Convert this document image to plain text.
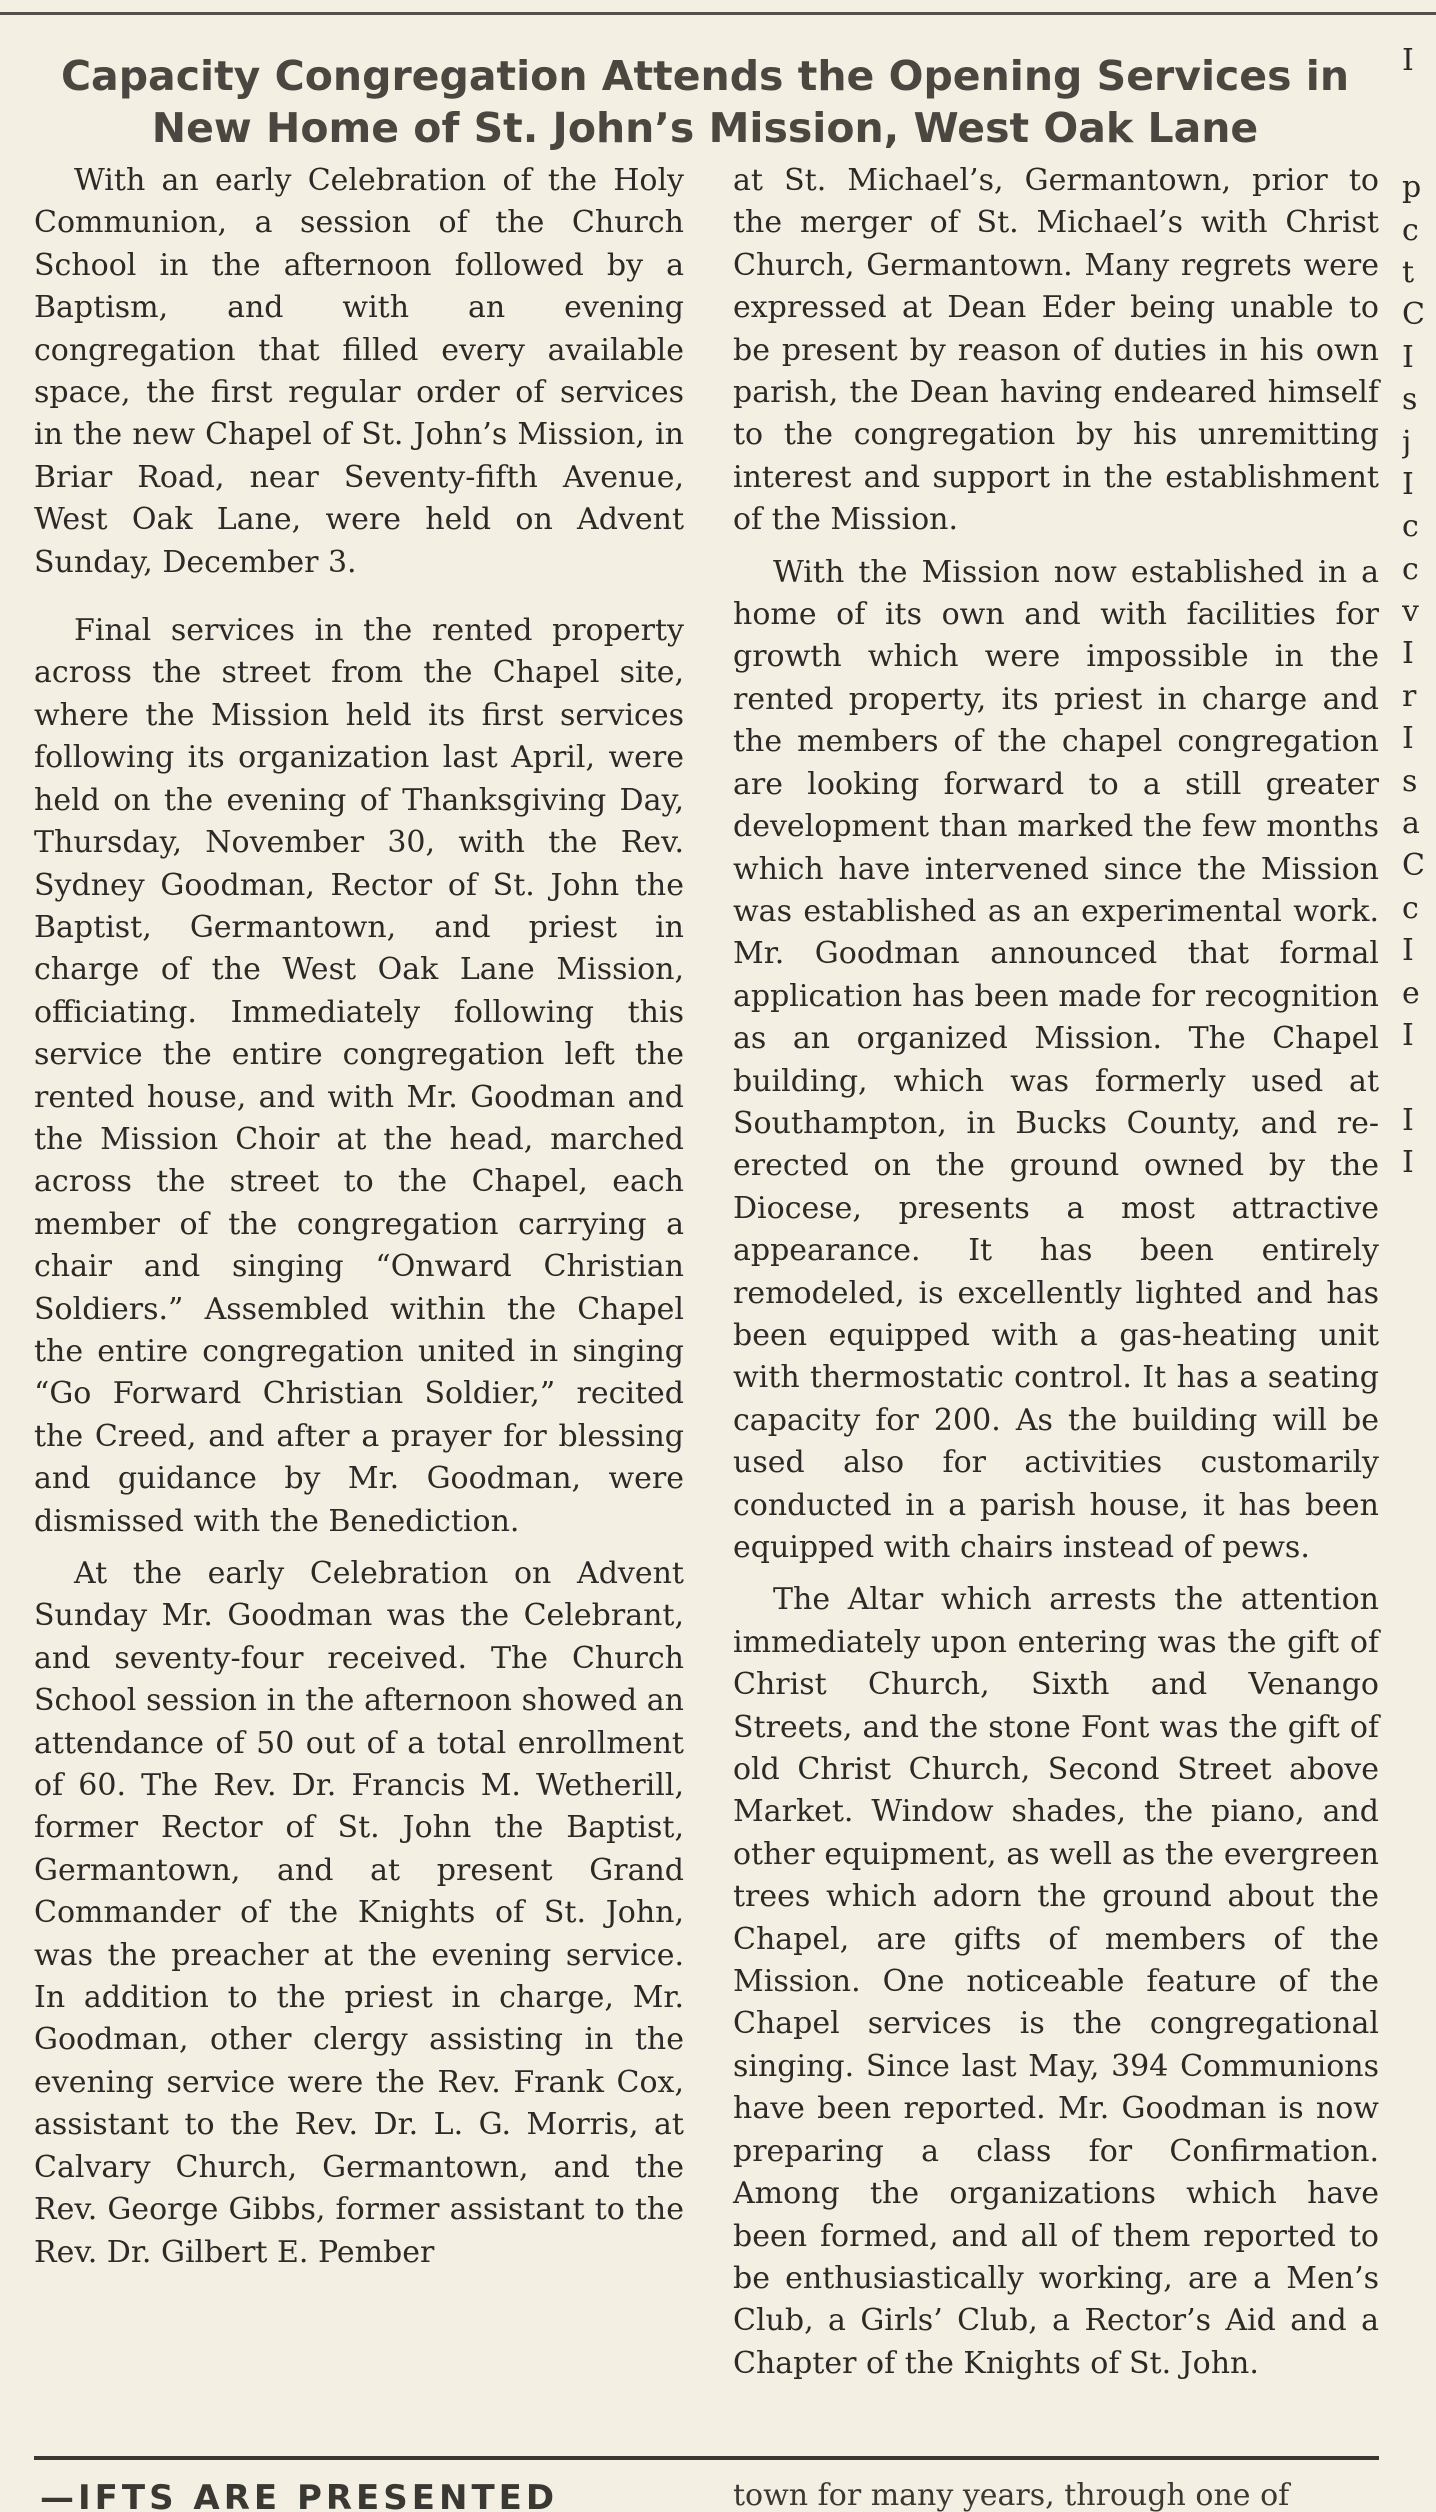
Capacity Congregation Attends the Opening Services in
New Home of St. John’s Mission, West Oak Lane

With an early Celebration of the Holy Communion, a session of the Church School in the afternoon followed by a Baptism, and with an evening congregation that filled every available space, the first regular order of services in the new Chapel of St. John’s Mission, in Briar Road, near Seventy-fifth Avenue, West Oak Lane, were held on Advent Sunday, December 3.

Final services in the rented property across the street from the Chapel site, where the Mission held its first services following its organization last April, were held on the evening of Thanksgiving Day, Thursday, November 30, with the Rev. Sydney Goodman, Rector of St. John the Baptist, Germantown, and priest in charge of the West Oak Lane Mission, officiating. Immediately following this service the entire congregation left the rented house, and with Mr. Goodman and the Mission Choir at the head, marched across the street to the Chapel, each member of the congregation carrying a chair and singing “Onward Christian Soldiers.” Assembled within the Chapel the entire congregation united in singing “Go Forward Christian Soldier,” recited the Creed, and after a prayer for blessing and guidance by Mr. Goodman, were dismissed with the Benediction.

At the early Celebration on Advent Sunday Mr. Goodman was the Celebrant, and seventy-four received. The Church School session in the afternoon showed an attendance of 50 out of a total enrollment of 60. The Rev. Dr. Francis M. Wetherill, former Rector of St. John the Baptist, Germantown, and at present Grand Commander of the Knights of St. John, was the preacher at the evening service. In addition to the priest in charge, Mr. Goodman, other clergy assisting in the evening service were the Rev. Frank Cox, assistant to the Rev. Dr. L. G. Morris, at Calvary Church, Germantown, and the Rev. George Gibbs, former assistant to the Rev. Dr. Gilbert E. Pember

at St. Michael’s, Germantown, prior to the merger of St. Michael’s with Christ Church, Germantown. Many regrets were expressed at Dean Eder being unable to be present by reason of duties in his own parish, the Dean having endeared himself to the congregation by his unremitting interest and support in the establishment of the Mission.

With the Mission now established in a home of its own and with facilities for growth which were impossible in the rented property, its priest in charge and the members of the chapel congregation are looking forward to a still greater development than marked the few months which have intervened since the Mission was established as an experimental work. Mr. Goodman announced that formal application has been made for recognition as an organized Mission. The Chapel building, which was formerly used at Southampton, in Bucks County, and re-erected on the ground owned by the Diocese, presents a most attractive appearance. It has been entirely remodeled, is excellently lighted and has been equipped with a gas-heating unit with thermostatic control. It has a seating capacity for 200. As the building will be used also for activities customarily conducted in a parish house, it has been equipped with chairs instead of pews.

The Altar which arrests the attention immediately upon entering was the gift of Christ Church, Sixth and Venango Streets, and the stone Font was the gift of old Christ Church, Second Street above Market. Window shades, the piano, and other equipment, as well as the evergreen trees which adorn the ground about the Chapel, are gifts of members of the Mission. One noticeable feature of the Chapel services is the congregational singing. Since last May, 394 Communions have been reported. Mr. Goodman is now preparing a class for Confirmation. Among the organizations which have been formed, and all of them reported to be enthusiastically working, are a Men’s Club, a Girls’ Club, a Rector’s Aid and a Chapter of the Knights of St. John.

I
p
c
t
C
I
s
j
I
c
c
v
I
r
I
s
a
C
c
I
e
I
I
I
—IFTS ARE PRESENTED	town for many years, through one of
